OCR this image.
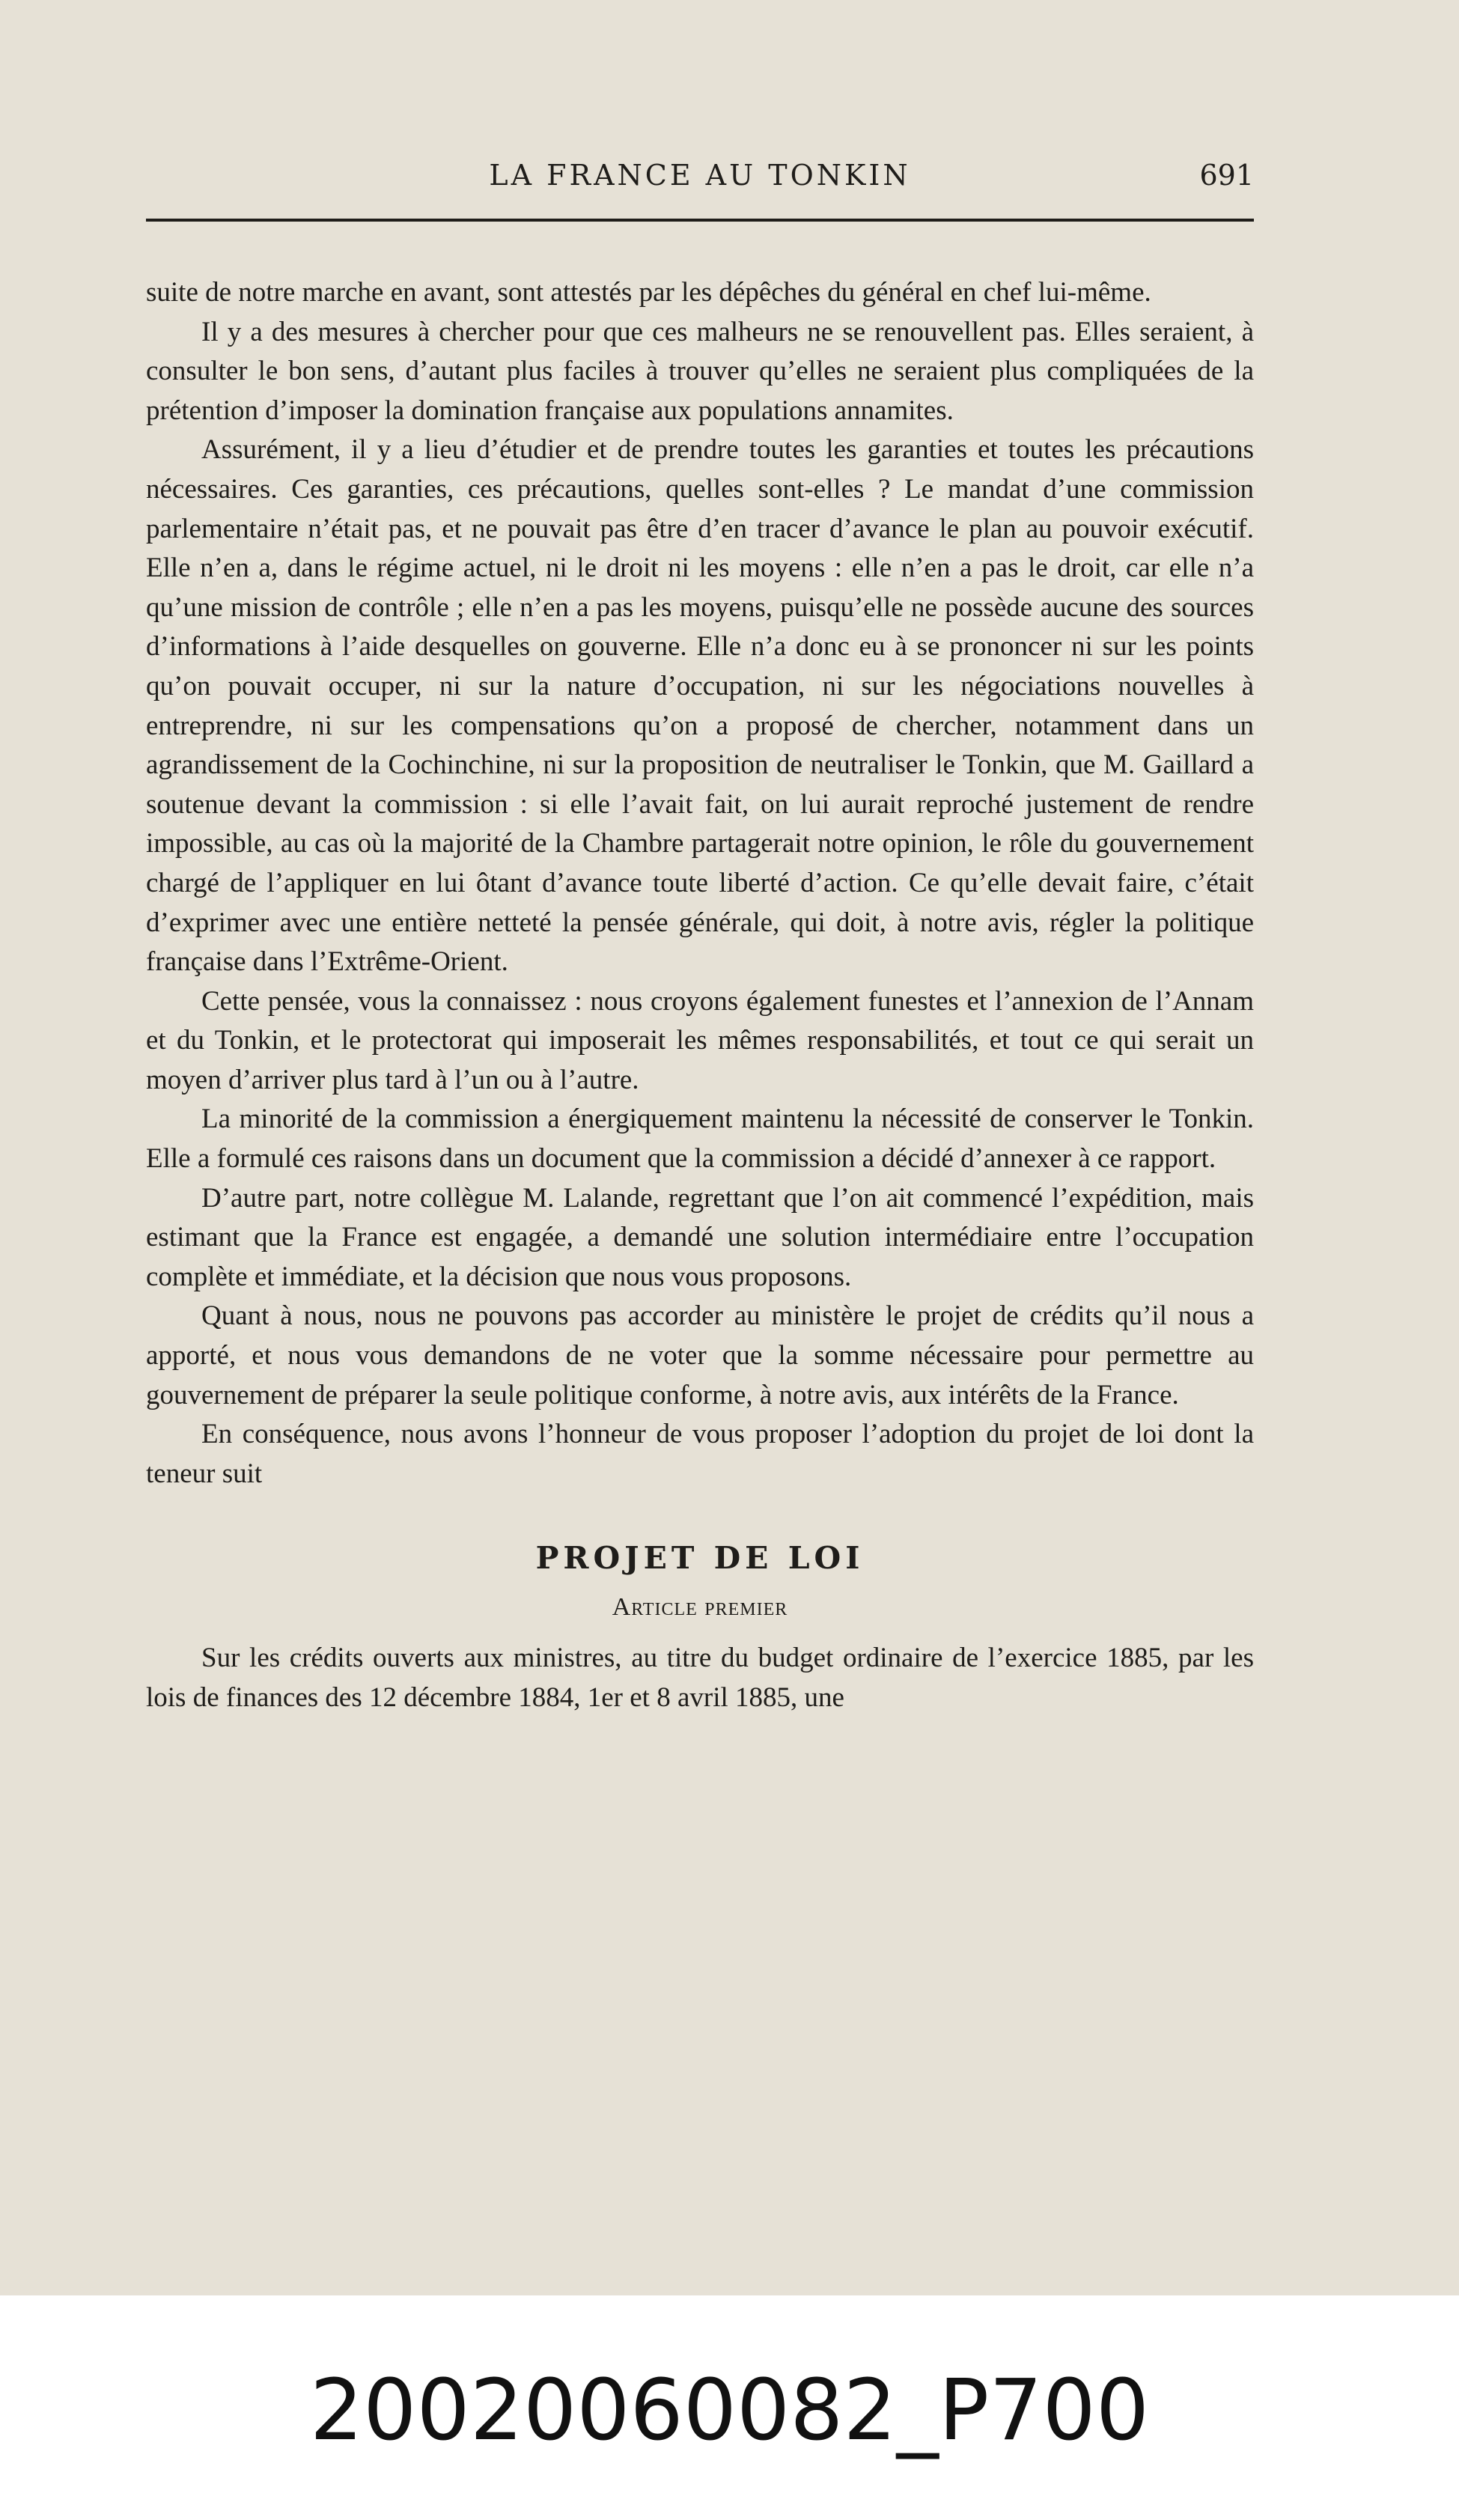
LA FRANCE AU TONKIN	691

suite de notre marche en avant, sont attestés par les dépêches du général en chef lui-même.

Il y a des mesures à chercher pour que ces malheurs ne se renouvellent pas. Elles seraient, à consulter le bon sens, d’autant plus faciles à trouver qu’elles ne seraient plus compliquées de la prétention d’imposer la domination française aux populations annamites.

Assurément, il y a lieu d’étudier et de prendre toutes les garanties et toutes les précautions nécessaires. Ces garanties, ces précautions, quelles sont-elles ? Le mandat d’une commission parlementaire n’était pas, et ne pouvait pas être d’en tracer d’avance le plan au pouvoir exécutif. Elle n’en a, dans le régime actuel, ni le droit ni les moyens : elle n’en a pas le droit, car elle n’a qu’une mission de contrôle ; elle n’en a pas les moyens, puisqu’elle ne possède aucune des sources d’informations à l’aide desquelles on gouverne. Elle n’a donc eu à se prononcer ni sur les points qu’on pouvait occuper, ni sur la nature d’occupation, ni sur les négociations nouvelles à entreprendre, ni sur les compensations qu’on a proposé de chercher, notamment dans un agrandissement de la Cochinchine, ni sur la proposition de neutraliser le Tonkin, que M. Gaillard a soutenue devant la commission : si elle l’avait fait, on lui aurait reproché justement de rendre impossible, au cas où la majorité de la Chambre partagerait notre opinion, le rôle du gouvernement chargé de l’appliquer en lui ôtant d’avance toute liberté d’action. Ce qu’elle devait faire, c’était d’exprimer avec une entière netteté la pensée générale, qui doit, à notre avis, régler la politique française dans l’Extrême-Orient.

Cette pensée, vous la connaissez : nous croyons également funestes et l’annexion de l’Annam et du Tonkin, et le protectorat qui imposerait les mêmes responsabilités, et tout ce qui serait un moyen d’arriver plus tard à l’un ou à l’autre.

La minorité de la commission a énergiquement maintenu la nécessité de conserver le Tonkin. Elle a formulé ces raisons dans un document que la commission a décidé d’annexer à ce rapport.

D’autre part, notre collègue M. Lalande, regrettant que l’on ait commencé l’expédition, mais estimant que la France est engagée, a demandé une solution intermédiaire entre l’occupation complète et immédiate, et la décision que nous vous proposons.

Quant à nous, nous ne pouvons pas accorder au ministère le projet de crédits qu’il nous a apporté, et nous vous demandons de ne voter que la somme nécessaire pour permettre au gouvernement de préparer la seule politique conforme, à notre avis, aux intérêts de la France.

En conséquence, nous avons l’honneur de vous proposer l’adoption du projet de loi dont la teneur suit

PROJET DE LOI
Article premier

Sur les crédits ouverts aux ministres, au titre du budget ordinaire de l’exercice 1885, par les lois de finances des 12 décembre 1884, 1er et 8 avril 1885, une

20020060082_P700
